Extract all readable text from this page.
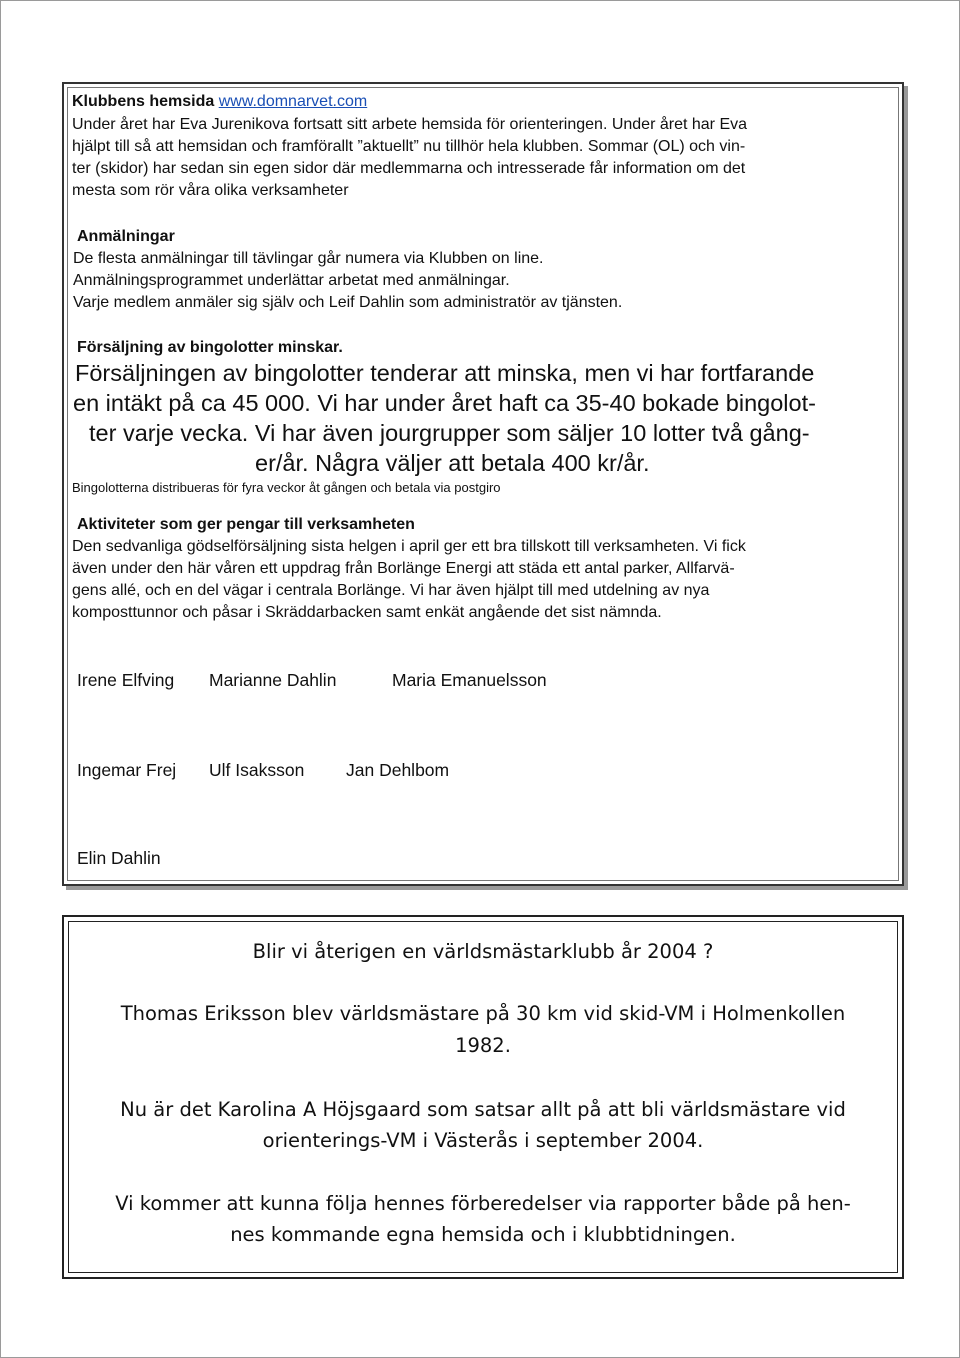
Klubbens hemsida www.domnarvet.com
Under året har Eva Jurenikova fortsatt sitt arbete hemsida för orienteringen. Under året har Eva
hjälpt till så att hemsidan och framförallt ”aktuellt” nu tillhör hela klubben. Sommar (OL) och vin-
ter (skidor) har sedan sin egen sidor där medlemmarna och intresserade får information om det
mesta som rör våra olika verksamheter
Anmälningar
De flesta anmälningar till tävlingar går numera via Klubben on line.
Anmälningsprogrammet underlättar arbetat med anmälningar.
Varje medlem anmäler sig själv och Leif Dahlin som administratör av tjänsten.
Försäljning av bingolotter minskar.
Försäljningen av bingolotter tenderar att minska, men vi har fortfarande
en intäkt på ca 45 000. Vi har under året haft ca 35-40 bokade bingolot-
ter varje vecka. Vi har även jourgrupper som säljer 10 lotter två gång-
er/år. Några väljer att betala 400 kr/år.
Bingolotterna distribueras för fyra veckor åt gången och betala via postgiro
Aktiviteter som ger pengar till verksamheten
Den sedvanliga gödselförsäljning sista helgen i april ger ett bra tillskott till verksamheten. Vi fick
även under den här våren ett uppdrag från Borlänge Energi att städa ett antal parker, Allfarvä-
gens allé, och en del vägar i centrala Borlänge. Vi har även hjälpt till med utdelning av nya
komposttunnor och påsar i Skräddarbacken samt enkät angående det sist nämnda.
Irene Elfving Marianne Dahlin	Maria Emanuelsson
Ingemar Frej Ulf Isaksson Jan Dehlbom
Elin Dahlin

Blir vi återigen en världsmästarklubb år 2004 ?

Thomas Eriksson blev världsmästare på 30 km vid skid-VM i Holmenkollen

1982.

Nu är det Karolina A Höjsgaard som satsar allt på att bli världsmästare vid

orienterings-VM i Västerås i september 2004.

Vi kommer att kunna följa hennes förberedelser via rapporter både på hen-

nes kommande egna hemsida och i klubbtidningen.
